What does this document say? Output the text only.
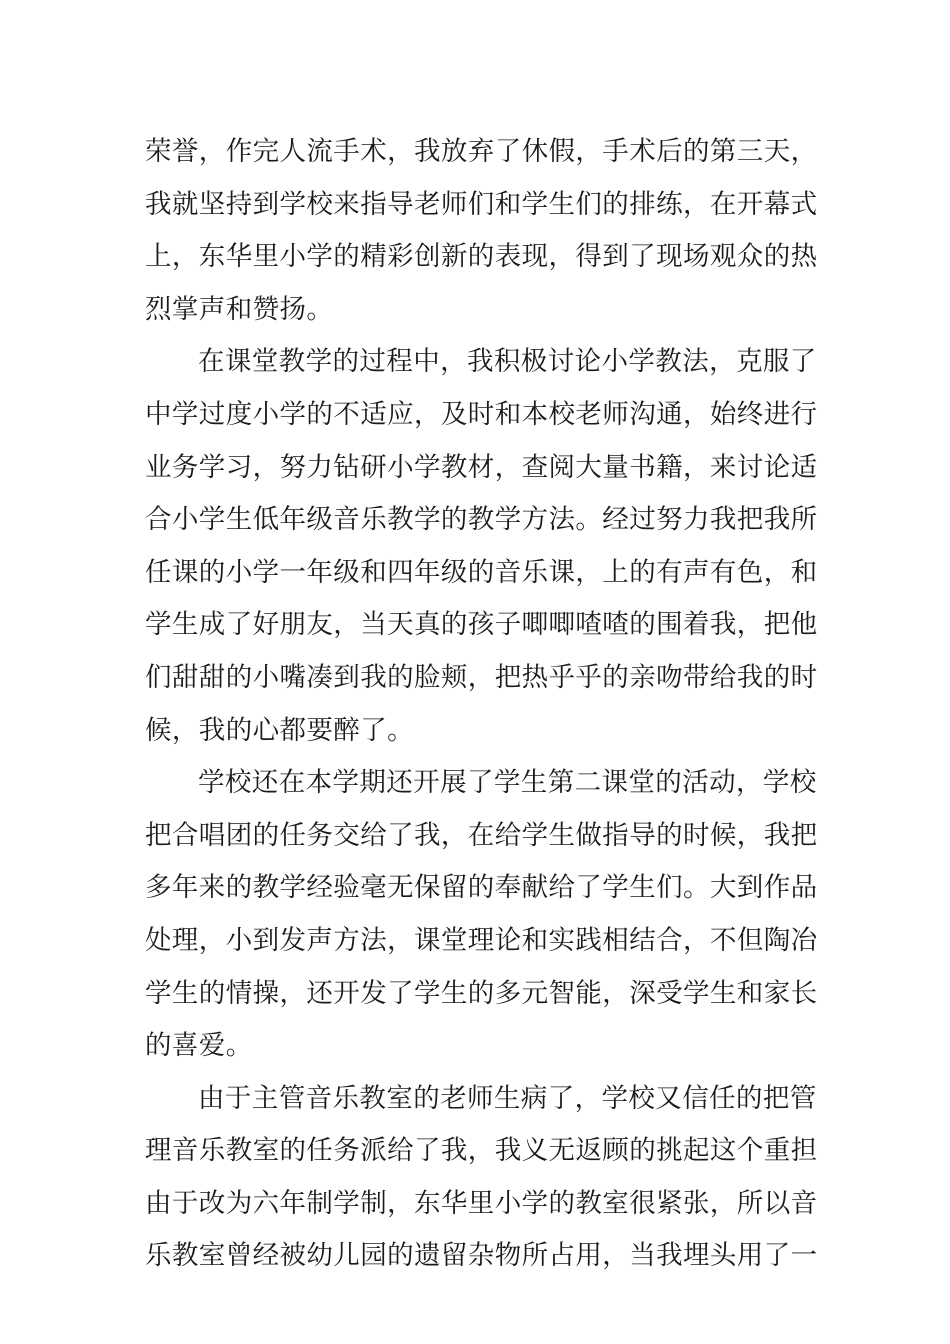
荣誉，作完人流手术，我放弃了休假，手术后的第三天，
我就坚持到学校来指导老师们和学生们的排练，在开幕式
上，东华里小学的精彩创新的表现，得到了现场观众的热
烈掌声和赞扬。
在课堂教学的过程中，我积极讨论小学教法，克服了
中学过度小学的不适应，及时和本校老师沟通，始终进行
业务学习，努力钻研小学教材，查阅大量书籍，来讨论适
合小学生低年级音乐教学的教学方法。经过努力我把我所
任课的小学一年级和四年级的音乐课，上的有声有色，和
学生成了好朋友，当天真的孩子唧唧喳喳的围着我，把他
们甜甜的小嘴凑到我的脸颊，把热乎乎的亲吻带给我的时
候，我的心都要醉了。
学校还在本学期还开展了学生第二课堂的活动，学校
把合唱团的任务交给了我，在给学生做指导的时候，我把
多年来的教学经验毫无保留的奉献给了学生们。大到作品
处理，小到发声方法，课堂理论和实践相结合，不但陶冶
学生的情操，还开发了学生的多元智能，深受学生和家长
的喜爱。
由于主管音乐教室的老师生病了，学校又信任的把管
理音乐教室的任务派给了我，我义无返顾的挑起这个重担
由于改为六年制学制，东华里小学的教室很紧张，所以音
乐教室曾经被幼儿园的遗留杂物所占用，当我埋头用了一
